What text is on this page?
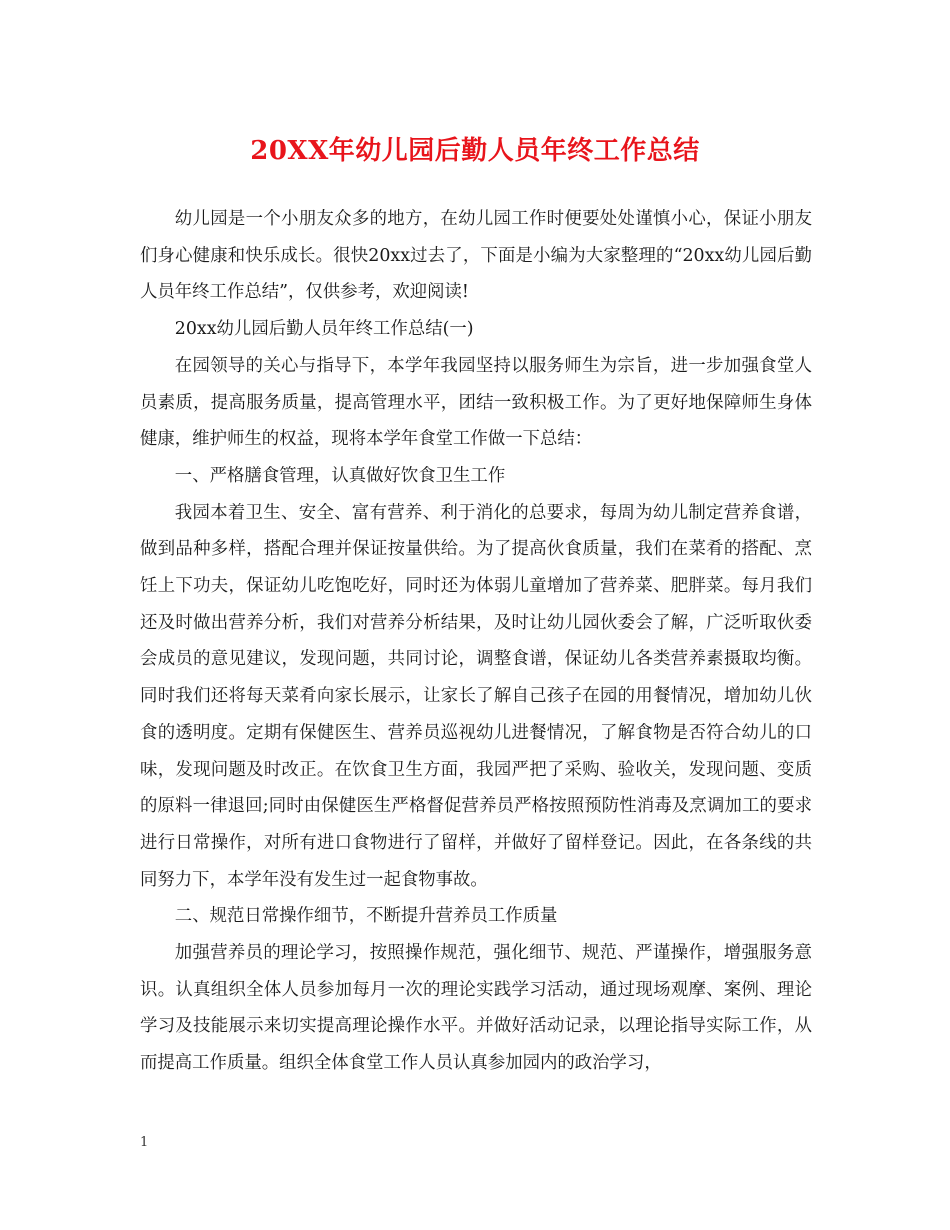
20XX年幼儿园后勤人员年终工作总结

幼儿园是一个小朋友众多的地方，在幼儿园工作时便要处处谨慎小心，保证小朋友们身心健康和快乐成长。很快20xx过去了，下面是小编为大家整理的“20xx幼儿园后勤人员年终工作总结”，仅供参考，欢迎阅读!

20xx幼儿园后勤人员年终工作总结(一)

在园领导的关心与指导下，本学年我园坚持以服务师生为宗旨，进一步加强食堂人员素质，提高服务质量，提高管理水平，团结一致积极工作。为了更好地保障师生身体健康，维护师生的权益，现将本学年食堂工作做一下总结：

一、严格膳食管理，认真做好饮食卫生工作

我园本着卫生、安全、富有营养、利于消化的总要求，每周为幼儿制定营养食谱，做到品种多样，搭配合理并保证按量供给。为了提高伙食质量，我们在菜肴的搭配、烹饪上下功夫，保证幼儿吃饱吃好，同时还为体弱儿童增加了营养菜、肥胖菜。每月我们还及时做出营养分析，我们对营养分析结果，及时让幼儿园伙委会了解，广泛听取伙委会成员的意见建议，发现问题，共同讨论，调整食谱，保证幼儿各类营养素摄取均衡。同时我们还将每天菜肴向家长展示，让家长了解自己孩子在园的用餐情况，增加幼儿伙食的透明度。定期有保健医生、营养员巡视幼儿进餐情况，了解食物是否符合幼儿的口味，发现问题及时改正。在饮食卫生方面，我园严把了采购、验收关，发现问题、变质的原料一律退回;同时由保健医生严格督促营养员严格按照预防性消毒及烹调加工的要求进行日常操作，对所有进口食物进行了留样，并做好了留样登记。因此，在各条线的共同努力下，本学年没有发生过一起食物事故。

二、规范日常操作细节，不断提升营养员工作质量

加强营养员的理论学习，按照操作规范，强化细节、规范、严谨操作，增强服务意识。认真组织全体人员参加每月一次的理论实践学习活动，通过现场观摩、案例、理论学习及技能展示来切实提高理论操作水平。并做好活动记录，以理论指导实际工作，从而提高工作质量。组织全体食堂工作人员认真参加园内的政治学习，

1
